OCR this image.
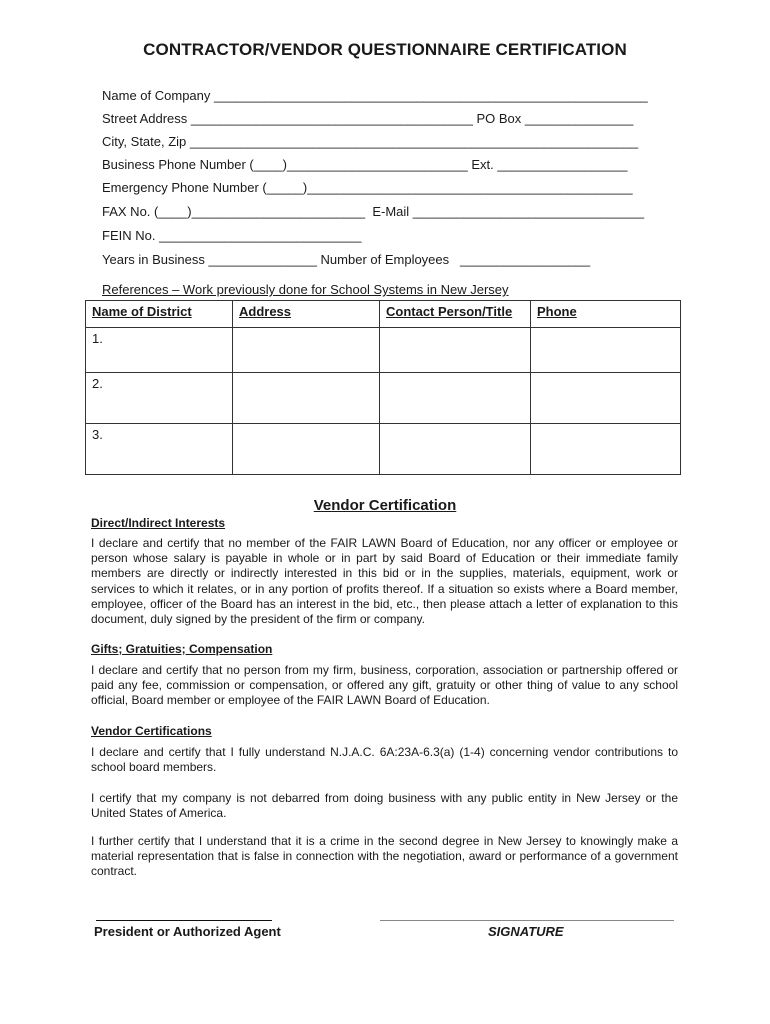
CONTRACTOR/VENDOR QUESTIONNAIRE CERTIFICATION
Name of Company ____________________________________________________________
Street Address _______________________________________ PO Box _______________
City, State, Zip ______________________________________________________________
Business Phone Number (____)_________________________ Ext. __________________
Emergency Phone Number (_____)_____________________________________________
FAX No. (____)________________________  E-Mail ________________________________
FEIN No. ____________________________
Years in Business _______________ Number of Employees   __________________
References – Work previously done for School Systems in New Jersey
Name of District	Address	Contact Person/Title	Phone
1.			
2.			
3.			
Vendor Certification
Direct/Indirect Interests
I declare and certify that no member of the FAIR LAWN Board of Education, nor any officer or employee or person whose salary is payable in whole or in part by said Board of Education or their immediate family members are directly or indirectly interested in this bid or in the supplies, materials, equipment, work or services to which it relates, or in any portion of profits thereof. If a situation so exists where a Board member, employee, officer of the Board has an interest in the bid, etc., then please attach a letter of explanation to this document, duly signed by the president of the firm or company.
Gifts; Gratuities; Compensation
I declare and certify that no person from my firm, business, corporation, association or partnership offered or paid any fee, commission or compensation, or offered any gift, gratuity or other thing of value to any school official, Board member or employee of the FAIR LAWN Board of Education.
Vendor Certifications
I declare and certify that I fully understand N.J.A.C. 6A:23A-6.3(a) (1-4) concerning vendor contributions to school board members.
I certify that my company is not debarred from doing business with any public entity in New Jersey or the United States of America.
I further certify that I understand that it is a crime in the second degree in New Jersey to knowingly make a material representation that is false in connection with the negotiation, award or performance of a government contract.
President or Authorized Agent	SIGNATURE
